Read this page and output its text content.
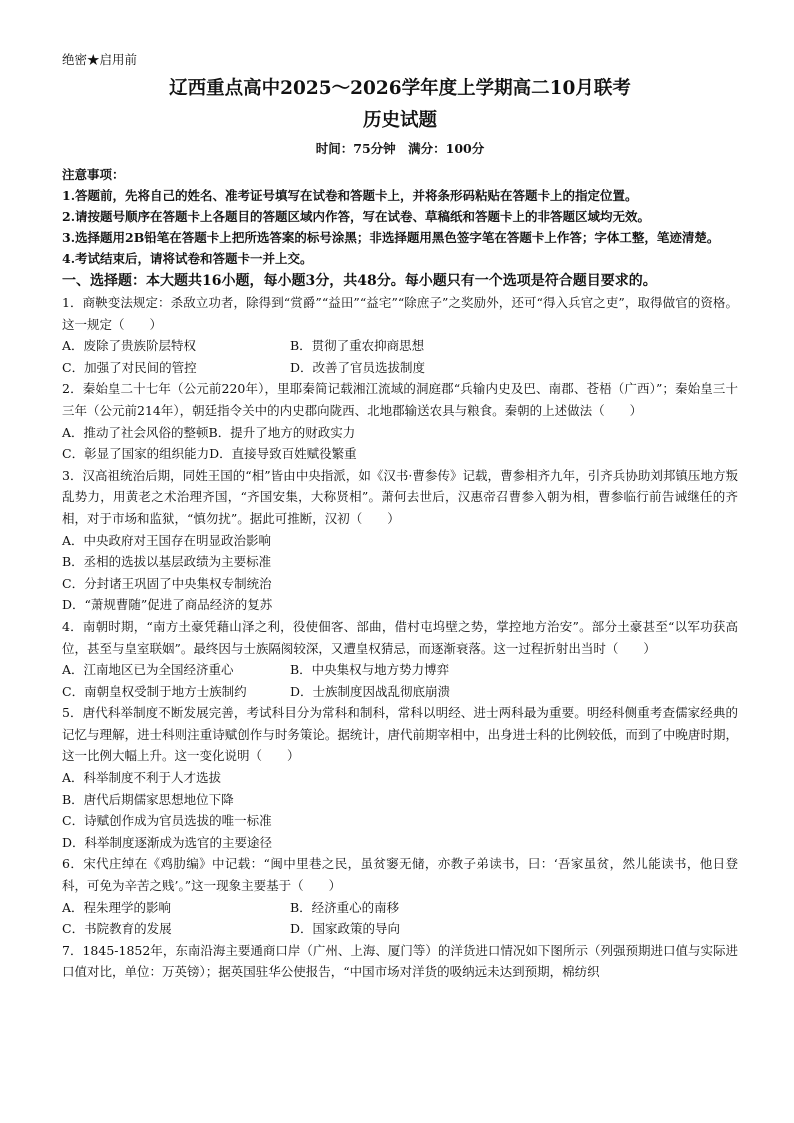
绝密★启用前
辽西重点高中2025～2026学年度上学期高二10月联考
历史试题
时间：75分钟　满分：100分
注意事项：
1.答题前，先将自己的姓名、准考证号填写在试卷和答题卡上，并将条形码粘贴在答题卡上的指定位置。
2.请按题号顺序在答题卡上各题目的答题区域内作答，写在试卷、草稿纸和答题卡上的非答题区域均无效。
3.选择题用2B铅笔在答题卡上把所选答案的标号涂黑；非选择题用黑色签字笔在答题卡上作答；字体工整，笔迹清楚。
4.考试结束后，请将试卷和答题卡一并上交。
一、选择题：本大题共16小题，每小题3分，共48分。每小题只有一个选项是符合题目要求的。
1．商鞅变法规定：杀敌立功者，除得到“赏爵”“益田”“益宅”“除庶子”之奖励外，还可“得入兵官之吏”，取得做官的资格。这一规定（　　）
A．废除了贵族阶层特权	B．贯彻了重农抑商思想
C．加强了对民间的管控	D．改善了官员选拔制度
2．秦始皇二十七年（公元前220年），里耶秦简记载湘江流域的洞庭郡“兵输内史及巴、南郡、苍梧（广西）”；秦始皇三十三年（公元前214年），朝廷指令关中的内史郡向陇西、北地郡输送农具与粮食。秦朝的上述做法（　　）
A．推动了社会风俗的整顿B．提升了地方的财政实力
C．彰显了国家的组织能力D．直接导致百姓赋役繁重
3．汉高祖统治后期，同姓王国的“相”皆由中央指派，如《汉书·曹参传》记载，曹参相齐九年，引齐兵协助刘邦镇压地方叛乱势力，用黄老之术治理齐国，“齐国安集，大称贤相”。萧何去世后，汉惠帝召曹参入朝为相，曹参临行前告诫继任的齐相，对于市场和监狱，“慎勿扰”。据此可推断，汉初（　　）
A．中央政府对王国存在明显政治影响
B．丞相的选拔以基层政绩为主要标准
C．分封诸王巩固了中央集权专制统治
D．“萧规曹随”促进了商品经济的复苏
4．南朝时期，“南方土豪凭藉山泽之利，役使佃客、部曲，借村屯坞壁之势，掌控地方治安”。部分土豪甚至“以军功获高位，甚至与皇室联姻”。最终因与士族隔阂较深，又遭皇权猜忌，而逐渐衰落。这一过程折射出当时（　　）
A．江南地区已为全国经济重心	B．中央集权与地方势力博弈
C．南朝皇权受制于地方士族制约	D．士族制度因战乱彻底崩溃
5．唐代科举制度不断发展完善，考试科目分为常科和制科，常科以明经、进士两科最为重要。明经科侧重考查儒家经典的记忆与理解，进士科则注重诗赋创作与时务策论。据统计，唐代前期宰相中，出身进士科的比例较低，而到了中晚唐时期，这一比例大幅上升。这一变化说明（　　）
A．科举制度不利于人才选拔
B．唐代后期儒家思想地位下降
C．诗赋创作成为官员选拔的唯一标准
D．科举制度逐渐成为选官的主要途径
6．宋代庄绰在《鸡肋编》中记载：“闽中里巷之民，虽贫窭无储，亦教子弟读书，曰：‘吾家虽贫，然儿能读书，他日登科，可免为辛苦之贱’。”这一现象主要基于（　　）
A．程朱理学的影响	B．经济重心的南移
C．书院教育的发展	D．国家政策的导向
7．1845-1852年，东南沿海主要通商口岸（广州、上海、厦门等）的洋货进口情况如下图所示（列强预期进口值与实际进口值对比，单位：万英镑）；据英国驻华公使报告，“中国市场对洋货的吸纳远未达到预期，棉纺织
